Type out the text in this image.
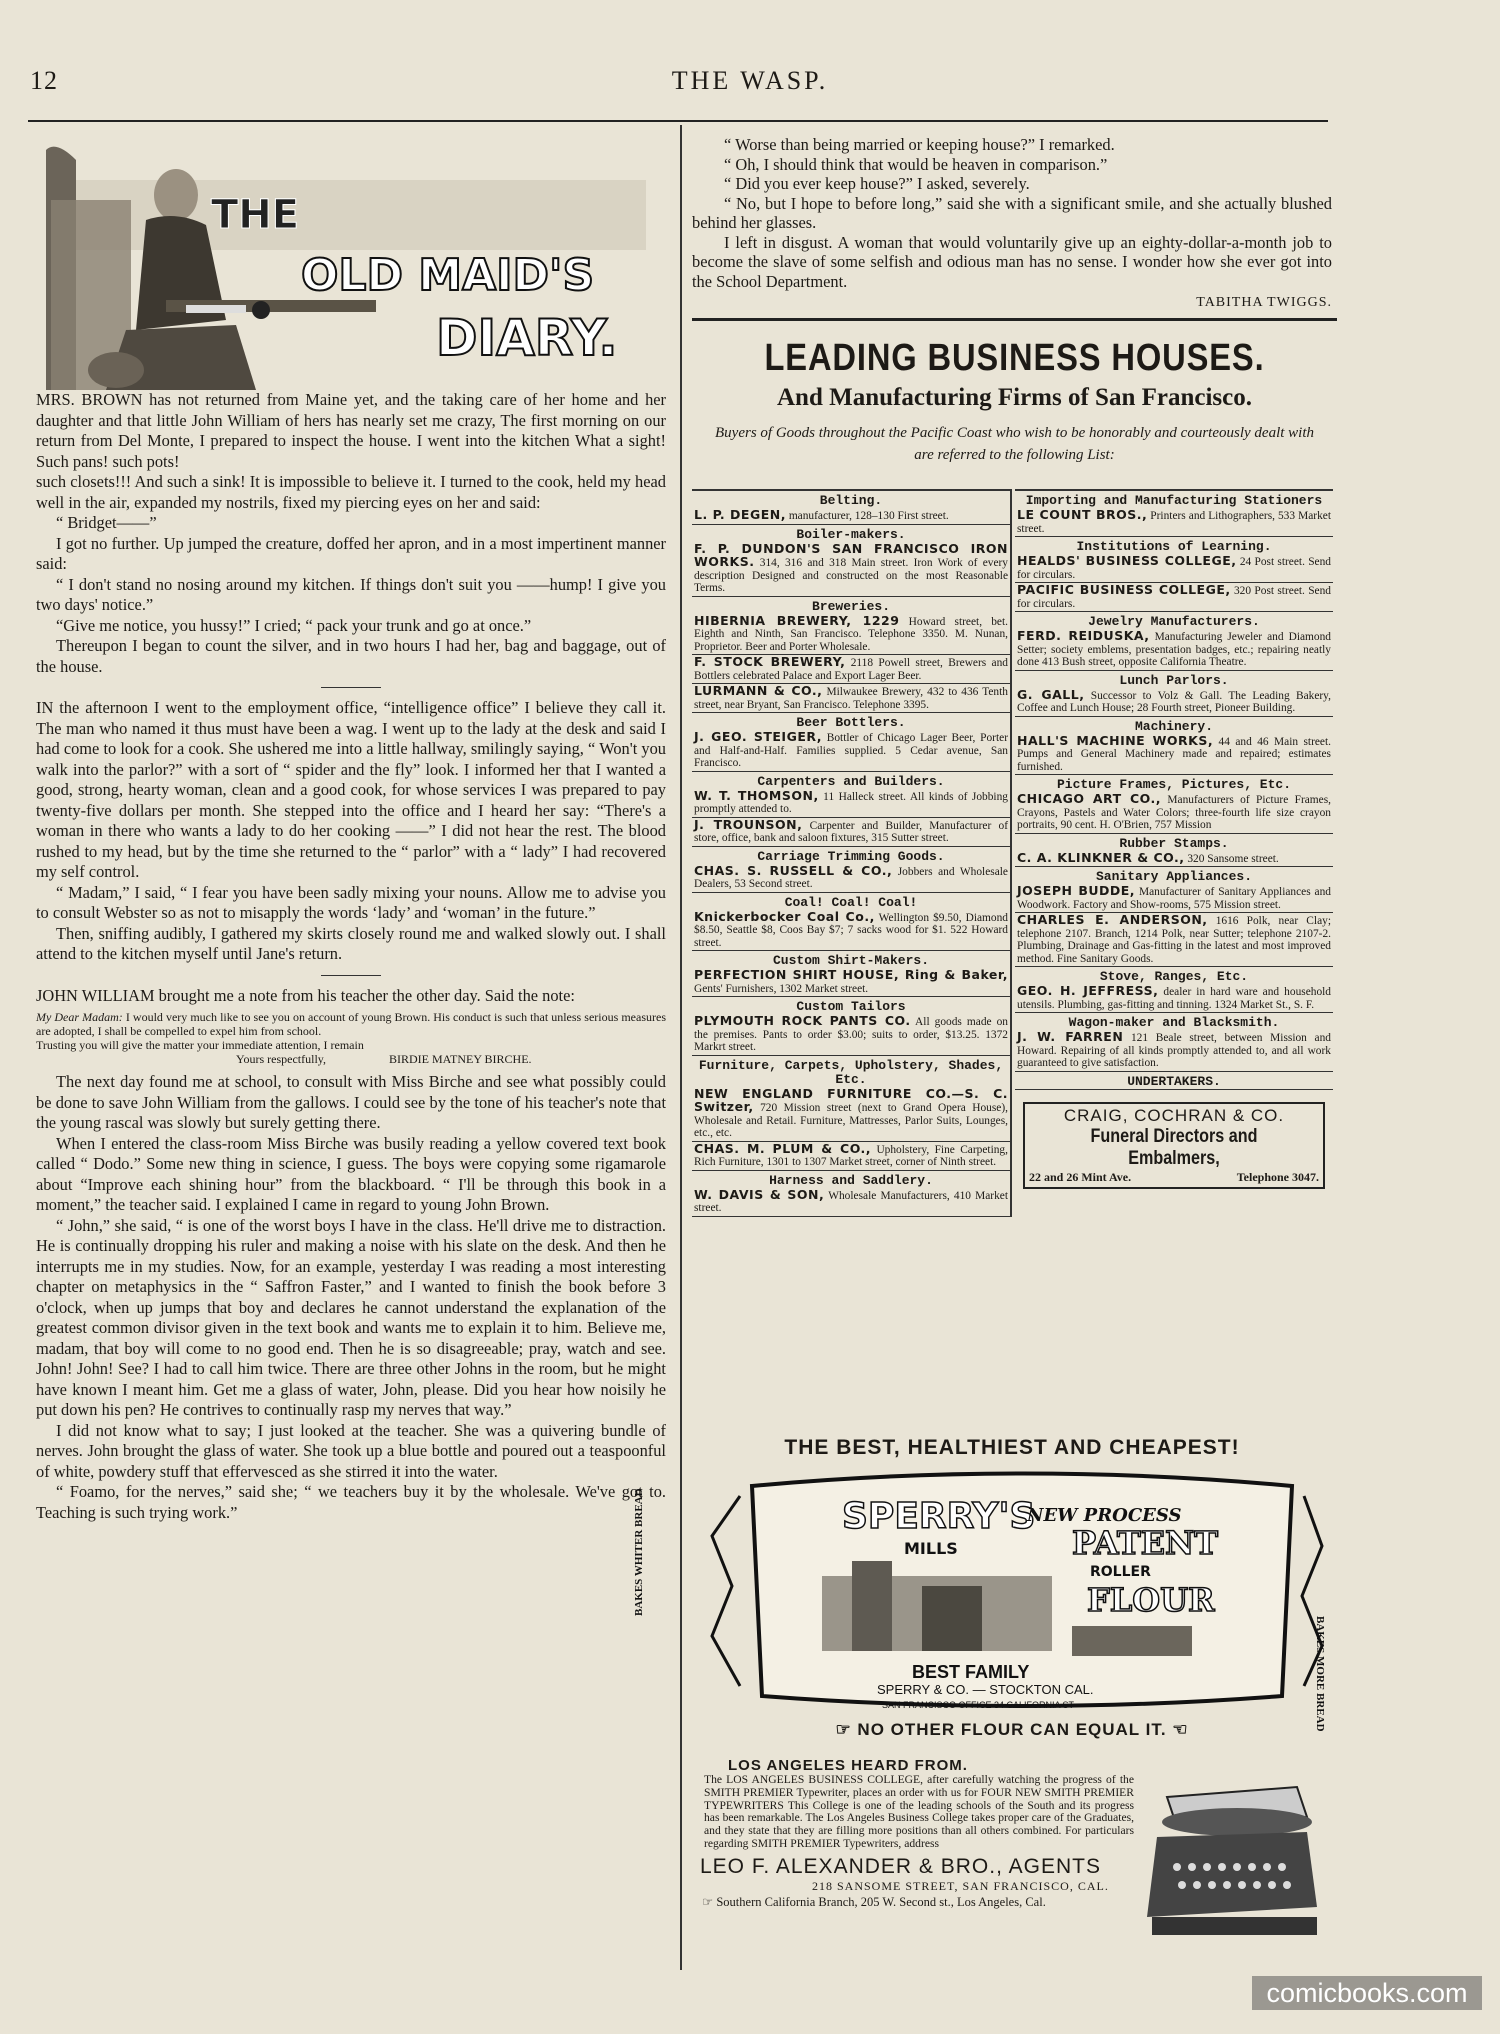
12	THE WASP.
THE
OLD MAID'S
DIARY.

MRS. BROWN has not returned from Maine yet, and the taking care of her home and her daughter and that little John William of hers has nearly set me crazy, The first morning on our return from Del Monte, I prepared to inspect the house. I went into the kitchen What a sight! Such pans! such pots!

such closets!!! And such a sink! It is impossible to believe it. I turned to the cook, held my head well in the air, expanded my nostrils, fixed my piercing eyes on her and said:

“ Bridget——”

I got no further. Up jumped the creature, doffed her apron, and in a most impertinent manner said:

“ I don't stand no nosing around my kitchen. If things don't suit you ——hump! I give you two days' notice.”

“Give me notice, you hussy!” I cried; “ pack your trunk and go at once.”

Thereupon I began to count the silver, and in two hours I had her, bag and baggage, out of the house.

IN the afternoon I went to the employment office, “intelligence office” I believe they call it. The man who named it thus must have been a wag. I went up to the lady at the desk and said I had come to look for a cook. She ushered me into a little hallway, smilingly saying, “ Won't you walk into the parlor?” with a sort of “ spider and the fly” look. I informed her that I wanted a good, strong, hearty woman, clean and a good cook, for whose services I was prepared to pay twenty-five dollars per month. She stepped into the office and I heard her say: “There's a woman in there who wants a lady to do her cooking ——” I did not hear the rest. The blood rushed to my head, but by the time she returned to the “ parlor” with a “ lady” I had recovered my self control.

“ Madam,” I said, “ I fear you have been sadly mixing your nouns. Allow me to advise you to consult Webster so as not to misapply the words ‘lady’ and ‘woman’ in the future.”

Then, sniffing audibly, I gathered my skirts closely round me and walked slowly out. I shall attend to the kitchen myself until Jane's return.

JOHN WILLIAM brought me a note from his teacher the other day. Said the note:

My Dear Madam: I would very much like to see you on account of young Brown. His conduct is such that unless serious measures are adopted, I shall be compelled to expel him from school.
Trusting you will give the matter your immediate attention, I remain
Yours respectfully,	BIRDIE MATNEY BIRCHE.

The next day found me at school, to consult with Miss Birche and see what possibly could be done to save John William from the gallows. I could see by the tone of his teacher's note that the young rascal was slowly but surely getting there.

When I entered the class-room Miss Birche was busily reading a yellow covered text book called “ Dodo.” Some new thing in science, I guess. The boys were copying some rigamarole about “Improve each shining hour” from the blackboard. “ I'll be through this book in a moment,” the teacher said. I explained I came in regard to young John Brown.

“ John,” she said, “ is one of the worst boys I have in the class. He'll drive me to distraction. He is continually dropping his ruler and making a noise with his slate on the desk. And then he interrupts me in my studies. Now, for an example, yesterday I was reading a most interesting chapter on metaphysics in the “ Saffron Faster,” and I wanted to finish the book before 3 o'clock, when up jumps that boy and declares he cannot understand the explanation of the greatest common divisor given in the text book and wants me to explain it to him. Believe me, madam, that boy will come to no good end. Then he is so disagreeable; pray, watch and see. John! John! See? I had to call him twice. There are three other Johns in the room, but he might have known I meant him. Get me a glass of water, John, please. Did you hear how noisily he put down his pen? He contrives to continually rasp my nerves that way.”

I did not know what to say; I just looked at the teacher. She was a quivering bundle of nerves. John brought the glass of water. She took up a blue bottle and poured out a teaspoonful of white, powdery stuff that effervesced as she stirred it into the water.

“ Foamo, for the nerves,” said she; “ we teachers buy it by the wholesale. We've got to. Teaching is such trying work.”

“ Worse than being married or keeping house?” I remarked.

“ Oh, I should think that would be heaven in comparison.”

“ Did you ever keep house?” I asked, severely.

“ No, but I hope to before long,” said she with a significant smile, and she actually blushed behind her glasses.

I left in disgust. A woman that would voluntarily give up an eighty-dollar-a-month job to become the slave of some selfish and odious man has no sense. I wonder how she ever got into the School Department.

TABITHA TWIGGS.
LEADING BUSINESS HOUSES.
And Manufacturing Firms of San Francisco.
Buyers of Goods throughout the Pacific Coast who wish to be honorably and courteously dealt with are referred to the following List:
Belting.
L. P. DEGEN, manufacturer, 128–130 First street.
Boiler-makers.
F. P. DUNDON'S SAN FRANCISCO IRON WORKS. 314, 316 and 318 Main street. Iron Work of every description Designed and constructed on the most Reasonable Terms.
Breweries.
HIBERNIA BREWERY, 1229 Howard street, bet. Eighth and Ninth, San Francisco. Telephone 3350. M. Nunan, Proprietor. Beer and Porter Wholesale.
F. STOCK BREWERY, 2118 Powell street, Brewers and Bottlers celebrated Palace and Export Lager Beer.
LURMANN & CO., Milwaukee Brewery, 432 to 436 Tenth street, near Bryant, San Francisco. Telephone 3395.
Beer Bottlers.
J. GEO. STEIGER, Bottler of Chicago Lager Beer, Porter and Half-and-Half. Families supplied. 5 Cedar avenue, San Francisco.
Carpenters and Builders.
W. T. THOMSON, 11 Halleck street. All kinds of Jobbing promptly attended to.
J. TROUNSON, Carpenter and Builder, Manufacturer of store, office, bank and saloon fixtures, 315 Sutter street.
Carriage Trimming Goods.
CHAS. S. RUSSELL & CO., Jobbers and Wholesale Dealers, 53 Second street.
Coal! Coal! Coal!
Knickerbocker Coal Co., Wellington $9.50, Diamond $8.50, Seattle $8, Coos Bay $7; 7 sacks wood for $1. 522 Howard street.
Custom Shirt-Makers.
PERFECTION SHIRT HOUSE, Ring & Baker, Gents' Furnishers, 1302 Market street.
Custom Tailors
PLYMOUTH ROCK PANTS CO. All goods made on the premises. Pants to order $3.00; suits to order, $13.25. 1372 Markrt street.
Furniture, Carpets, Upholstery, Shades, Etc.
NEW ENGLAND FURNITURE CO.—S. C. Switzer, 720 Mission street (next to Grand Opera House), Wholesale and Retail. Furniture, Mattresses, Parlor Suits, Lounges, etc., etc.
CHAS. M. PLUM & CO., Upholstery, Fine Carpeting, Rich Furniture, 1301 to 1307 Market street, corner of Ninth street.
Harness and Saddlery.
W. DAVIS & SON, Wholesale Manufacturers, 410 Market street.
Importing and Manufacturing Stationers
LE COUNT BROS., Printers and Lithographers, 533 Market street.
Institutions of Learning.
HEALDS' BUSINESS COLLEGE, 24 Post street. Send for circulars.
PACIFIC BUSINESS COLLEGE, 320 Post street. Send for circulars.
Jewelry Manufacturers.
FERD. REIDUSKA, Manufacturing Jeweler and Diamond Setter; society emblems, presentation badges, etc.; repairing neatly done 413 Bush street, opposite California Theatre.
Lunch Parlors.
G. GALL, Successor to Volz & Gall. The Leading Bakery, Coffee and Lunch House; 28 Fourth street, Pioneer Building.
Machinery.
HALL'S MACHINE WORKS, 44 and 46 Main street. Pumps and General Machinery made and repaired; estimates furnished.
Picture Frames, Pictures, Etc.
CHICAGO ART CO., Manufacturers of Picture Frames, Crayons, Pastels and Water Colors; three-fourth life size crayon portraits, 90 cent. H. O'Brien, 757 Mission
Rubber Stamps.
C. A. KLINKNER & CO., 320 Sansome street.
Sanitary Appliances.
JOSEPH BUDDE, Manufacturer of Sanitary Appliances and Woodwork. Factory and Show-rooms, 575 Mission street.
CHARLES E. ANDERSON, 1616 Polk, near Clay; telephone 2107. Branch, 1214 Polk, near Sutter; telephone 2107-2. Plumbing, Drainage and Gas-fitting in the latest and most improved method. Fine Sanitary Goods.
Stove, Ranges, Etc.
GEO. H. JEFFRESS, dealer in hard ware and household utensils. Plumbing, gas-fitting and tinning. 1324 Market St., S. F.
Wagon-maker and Blacksmith.
J. W. FARREN 121 Beale street, between Mission and Howard. Repairing of all kinds promptly attended to, and all work guaranteed to give satisfaction.
UNDERTAKERS.
CRAIG, COCHRAN & CO.
Funeral Directors and Embalmers,
22 and 26 Mint Ave.	Telephone 3047.
THE BEST, HEALTHIEST AND CHEAPEST!
BAKES WHITER BREAD
BAKES MORE BREAD
SPERRY'S
MILLS
NEW PROCESS
PATENT
ROLLER
FLOUR
BEST FAMILY
SPERRY & CO. — STOCKTON CAL.
SAN FRANCISCO OFFICE 34 CALIFORNIA ST
☞ NO OTHER FLOUR CAN EQUAL IT. ☜
LOS ANGELES HEARD FROM.
The LOS ANGELES BUSINESS COLLEGE, after carefully watching the progress of the SMITH PREMIER Typewriter, places an order with us for FOUR NEW SMITH PREMIER TYPEWRITERS This College is one of the leading schools of the South and its progress has been remarkable. The Los Angeles Business College takes proper care of the Graduates, and they state that they are filling more positions than all others combined. For particulars regarding SMITH PREMIER Typewriters, address
LEO F. ALEXANDER & BRO., AGENTS
218 SANSOME STREET, SAN FRANCISCO, CAL.
☞ Southern California Branch, 205 W. Second st., Los Angeles, Cal.
comicbooks.com
